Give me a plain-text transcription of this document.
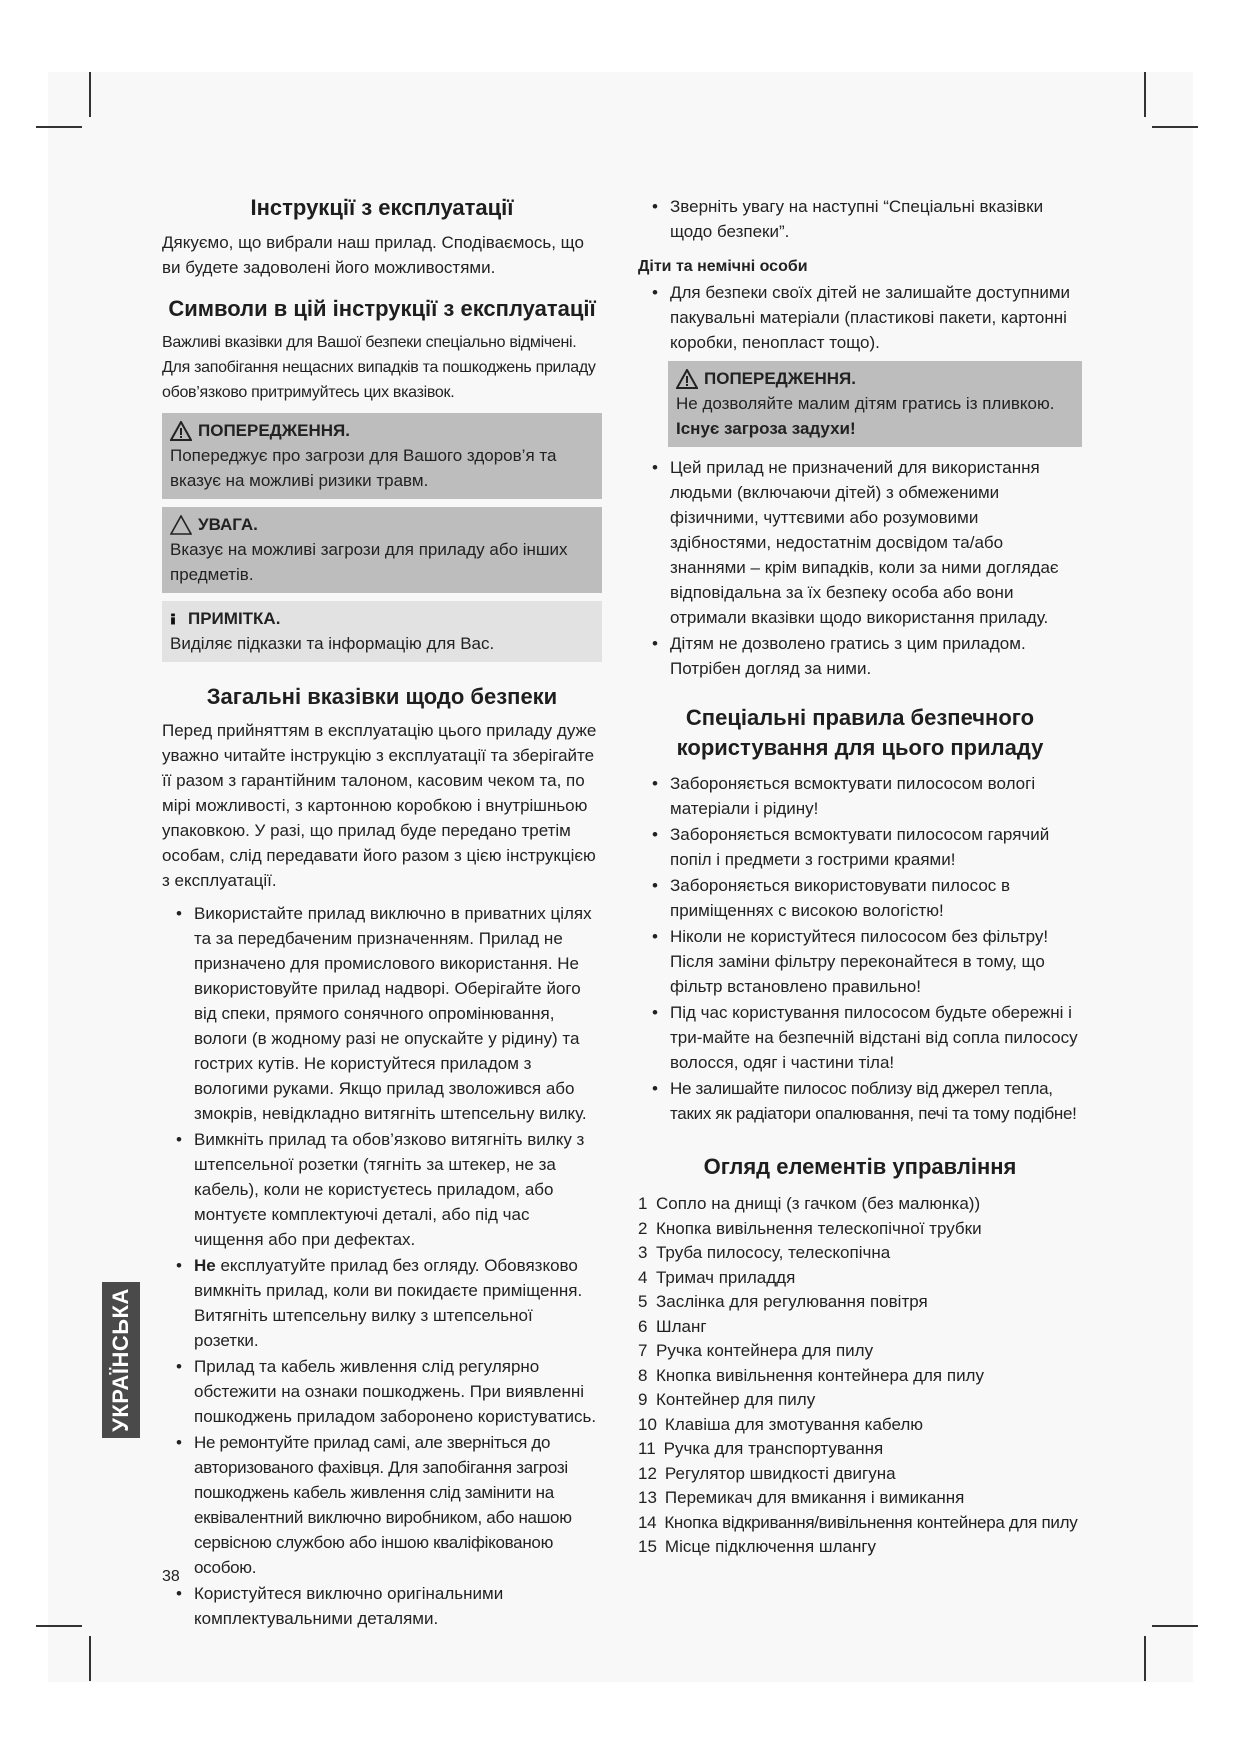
Інструкції з експлуатації

Дякуємо, що вибрали наш прилад. Сподіваємось, що ви будете задоволені його можливостями.

Символи в цій інструкції з експлуатації

Важливі вказівки для Вашої безпеки спеціально відмічені. Для запобігання нещасних випадків та пошкоджень приладу обов’язково притримуйтесь цих вказівок.

ПОПЕРЕДЖЕННЯ.

Попереджує про загрози для Вашого здоров’я та вказує на можливі ризики травм.

УВАГА.

Вказує на можливі загрози для приладу або інших предметів.

ПРИМІТКА.

Виділяє підказки та інформацію для Вас.

Загальні вказівки щодо безпеки

Перед прийняттям в експлуатацію цього приладу дуже уважно читайте інструкцію з експлуатації та зберігайте її разом з гарантійним талоном, касовим чеком та, по мірі можливості, з картонною коробкою і внутрішньою упаковкою. У разі, що прилад буде передано третім особам, слід передавати його разом з цією інструкцією з експлуатації.

• Використайте прилад виключно в приватних цілях та за передбаченим призначенням. Прилад не призначено для промислового використання. Не використовуйте прилад надворі. Оберігайте його від спеки, прямого сонячного опромінювання, вологи (в жодному разі не опускайте у рідину) та гострих кутів. Не користуйтеся приладом з вологими руками. Якщо прилад зволожився або змокрів, невідкладно витягніть штепсельну вилку.
• Вимкніть прилад та обов’язково витягніть вилку з штепсельної розетки (тягніть за штекер, не за кабель), коли не користуєтесь приладом, або монтуєте комплектуючі деталі, або під час чищення або при дефектах.
• Не експлуатуйте прилад без огляду. Обовязково вимкніть прилад, коли ви покидаєте приміщення. Витягніть штепсельну вилку з штепсельної розетки.
• Прилад та кабель живлення слід регулярно обстежити на ознаки пошкоджень. При виявленні пошкоджень приладом заборонено користуватись.
• Не ремонтуйте прилад самі, але зверніться до авторизованого фахівця. Для запобігання загрозі пошкоджень кабель живлення слід замінити на еквівалентний виключно виробником, або нашою сервісною службою або іншою кваліфікованою особою.
• Користуйтеся виключно оригінальними комплектувальними деталями.
• Зверніть увагу на наступні “Спеціальні вказівки щодо безпеки”.
Діти та немічні особи
• Для безпеки своїх дітей не залишайте доступними пакувальні матеріали (пластикові пакети, картонні коробки, пенопласт тощо).
ПОПЕРЕДЖЕННЯ.

Не дозволяйте малим дітям гратись із пливкою.

Існує загроза задухи!

• Цей прилад не призначений для використання людьми (включаючи дітей) з обмеженими фізичними, чуттєвими або розумовими здібностями, недостатнім досвідом та/або знаннями – крім випадків, коли за ними доглядає відповідальна за їх безпеку особа або вони отримали вказівки щодо використання приладу.
• Дітям не дозволено гратись з цим приладом. Потрібен догляд за ними.
Спеціальні правила безпечного користування для цього приладу
• Забороняється всмоктувати пилососом вологі матеріали і рідину!
• Забороняється всмоктувати пилососом гарячий попіл і предмети з гострими краями!
• Забороняється використовувати пилосос в приміщеннях с високою вологістю!
• Ніколи не користуйтеся пилососом без фільтру! Після заміни фільтру переконайтеся в тому, що фільтр встановлено правильно!
• Під час користування пилососом будьте обережні і три-майте на безпечній відстані від сопла пилососу волосся, одяг і частини тіла!
• Не залишайте пилосос поблизу від джерел тепла, таких як радіатори опалювання, печі та тому подібне!
Огляд елементів управління
1 Сопло на днищі (з гачком (без малюнка))
2 Кнопка вивільнення телескопічної трубки
3 Труба пилососу, телескопічна
4 Тримач приладдя
5 Заслінка для регулювання повітря
6 Шланг
7 Ручка контейнера для пилу
8 Кнопка вивільнення контейнера для пилу
9 Контейнер для пилу
10 Клавіша для змотування кабелю
11 Ручка для транспортування
12 Регулятор швидкості двигуна
13 Перемикач для вмикання і вимикання
14 Кнопка відкривання/вивільнення контейнера для пилу
15 Місце підключення шлангу
УКРАЇНСЬКА
38
